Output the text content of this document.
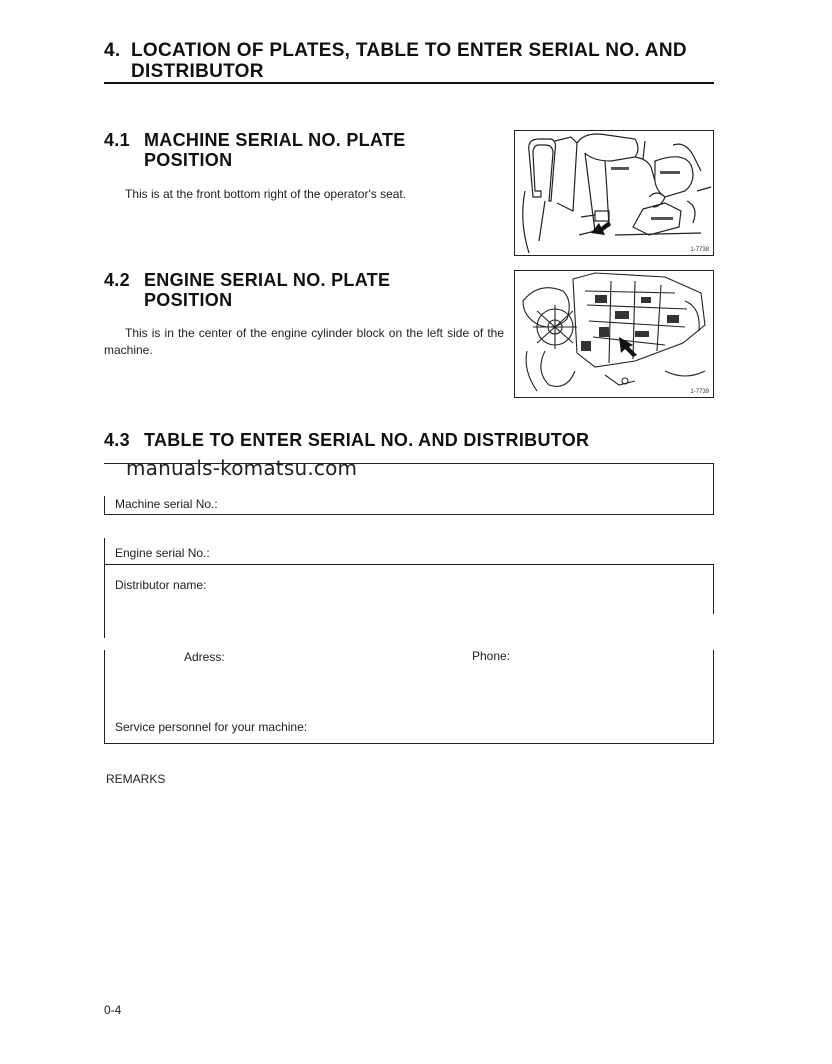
4. LOCATION OF PLATES, TABLE TO ENTER SERIAL NO. AND
DISTRIBUTOR
4.1 MACHINE SERIAL NO. PLATE
POSITION
This is at the front bottom right of the operator's seat.
1-7738
4.2 ENGINE SERIAL NO. PLATE
POSITION
This is in the center of the engine cylinder block on the left side of the machine.
1-7739
4.3 TABLE TO ENTER SERIAL NO. AND DISTRIBUTOR
manuals-komatsu.com
Machine serial No.:
Engine serial No.:
Distributor name:
Adress:	Phone:
Service personnel for your machine:
REMARKS
0-4
